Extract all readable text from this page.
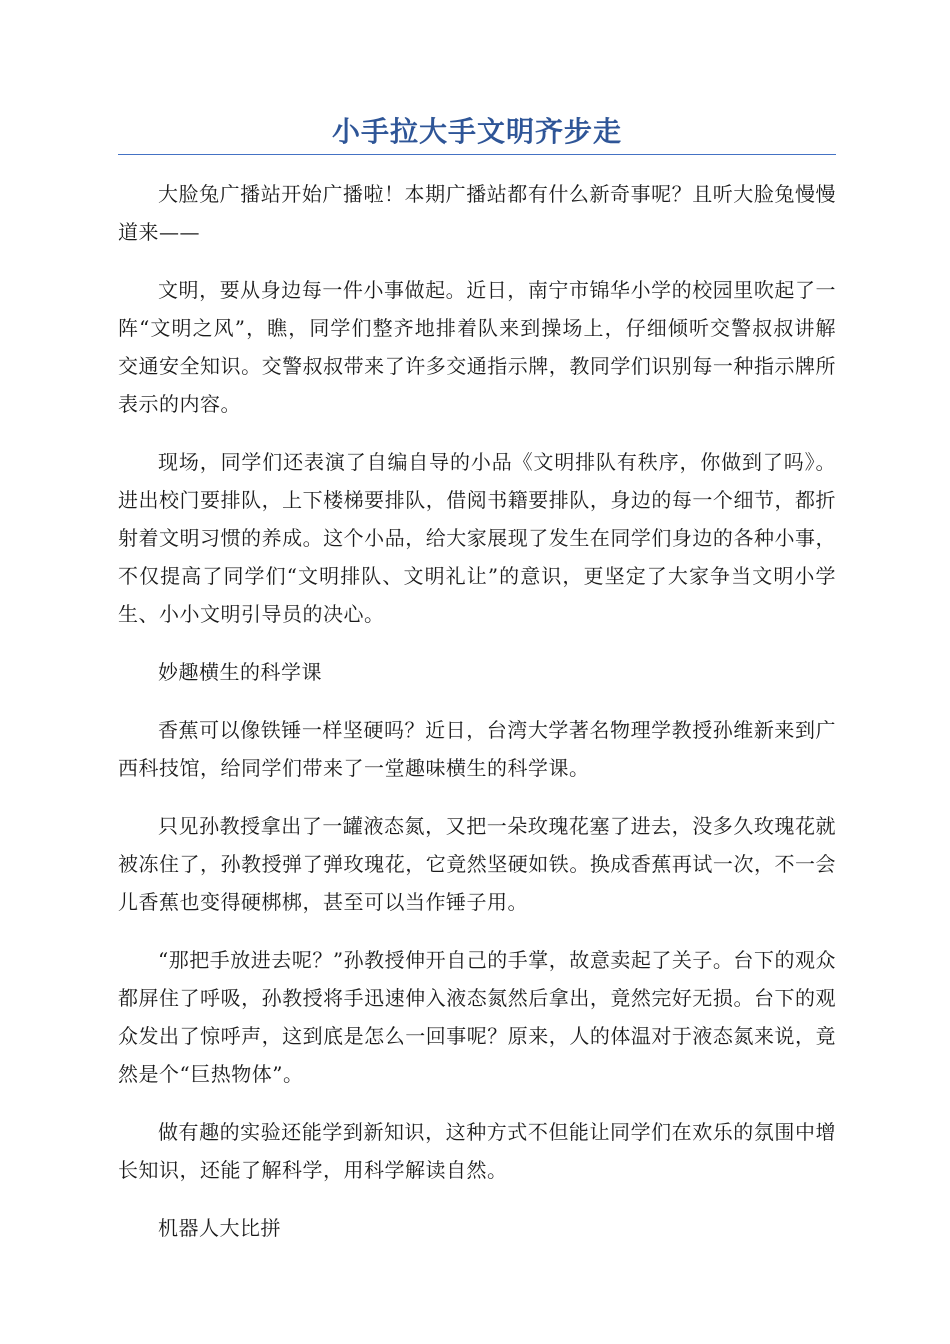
小手拉大手文明齐步走

大脸兔广播站开始广播啦！本期广播站都有什么新奇事呢？且听大脸兔慢慢道来——

文明，要从身边每一件小事做起。近日，南宁市锦华小学的校园里吹起了一阵“文明之风”，瞧，同学们整齐地排着队来到操场上，仔细倾听交警叔叔讲解交通安全知识。交警叔叔带来了许多交通指示牌，教同学们识别每一种指示牌所表示的内容。

现场，同学们还表演了自编自导的小品《文明排队有秩序，你做到了吗》。进出校门要排队，上下楼梯要排队，借阅书籍要排队，身边的每一个细节，都折射着文明习惯的养成。这个小品，给大家展现了发生在同学们身边的各种小事，不仅提高了同学们“文明排队、文明礼让”的意识，更坚定了大家争当文明小学生、小小文明引导员的决心。

妙趣横生的科学课

香蕉可以像铁锤一样坚硬吗？近日，台湾大学著名物理学教授孙维新来到广西科技馆，给同学们带来了一堂趣味横生的科学课。

只见孙教授拿出了一罐液态氮，又把一朵玫瑰花塞了进去，没多久玫瑰花就被冻住了，孙教授弹了弹玫瑰花，它竟然坚硬如铁。换成香蕉再试一次，不一会儿香蕉也变得硬梆梆，甚至可以当作锤子用。

“那把手放进去呢？”孙教授伸开自己的手掌，故意卖起了关子。台下的观众都屏住了呼吸，孙教授将手迅速伸入液态氮然后拿出，竟然完好无损。台下的观众发出了惊呼声，这到底是怎么一回事呢？原来，人的体温对于液态氮来说，竟然是个“巨热物体”。

做有趣的实验还能学到新知识，这种方式不但能让同学们在欢乐的氛围中增长知识，还能了解科学，用科学解读自然。

机器人大比拼
